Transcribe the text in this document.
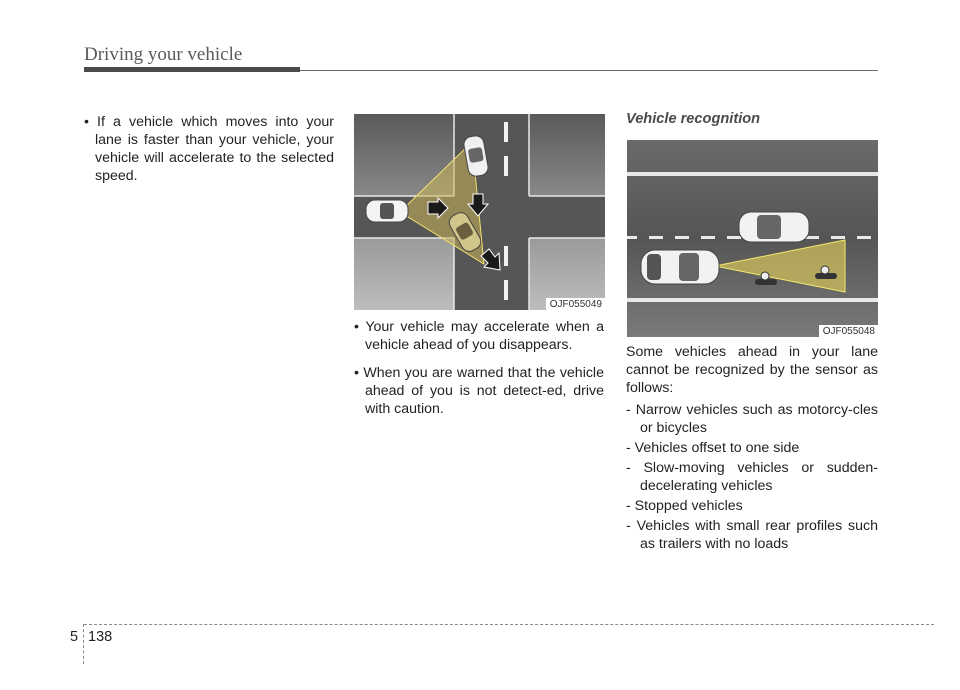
Driving your vehicle

• If a vehicle which moves into your lane is faster than your vehicle, your vehicle will accelerate to the selected speed.

OJF055049

• Your vehicle may accelerate when a vehicle ahead of you disappears.

• When you are warned that the vehicle ahead of you is not detect-ed, drive with caution.

Vehicle recognition
OJF055048

Some vehicles ahead in your lane cannot be recognized by the sensor as follows:

- Narrow vehicles such as motorcy-cles or bicycles

- Vehicles offset to one side

- Slow-moving vehicles or sudden-decelerating vehicles

- Stopped vehicles

- Vehicles with small rear profiles such as trailers with no loads

5 138
